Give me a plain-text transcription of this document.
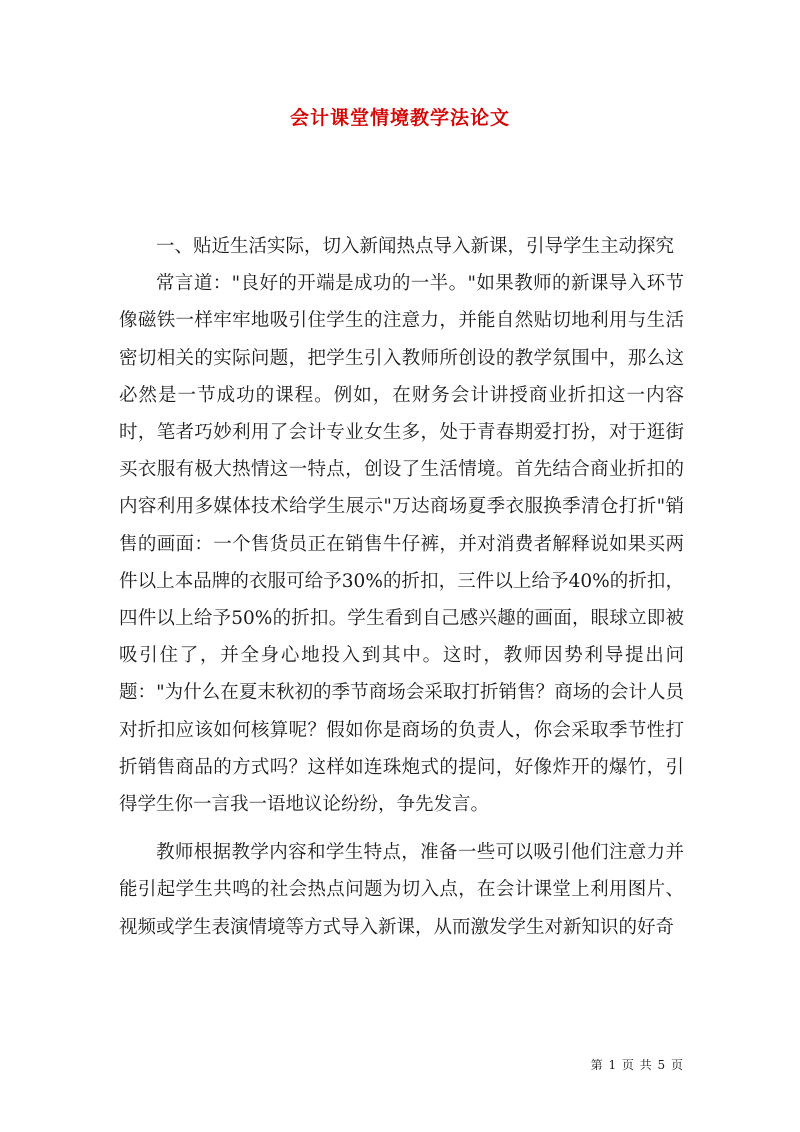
会计课堂情境教学法论文

一、贴近生活实际，切入新闻热点导入新课，引导学生主动探究

常言道："良好的开端是成功的一半。"如果教师的新课导入环节像磁铁一样牢牢地吸引住学生的注意力，并能自然贴切地利用与生活密切相关的实际问题，把学生引入教师所创设的教学氛围中，那么这必然是一节成功的课程。例如，在财务会计讲授商业折扣这一内容时，笔者巧妙利用了会计专业女生多，处于青春期爱打扮，对于逛街买衣服有极大热情这一特点，创设了生活情境。首先结合商业折扣的内容利用多媒体技术给学生展示"万达商场夏季衣服换季清仓打折"销售的画面：一个售货员正在销售牛仔裤，并对消费者解释说如果买两件以上本品牌的衣服可给予30%的折扣，三件以上给予40%的折扣，四件以上给予50%的折扣。学生看到自己感兴趣的画面，眼球立即被吸引住了，并全身心地投入到其中。这时，教师因势利导提出问题："为什么在夏末秋初的季节商场会采取打折销售？商场的会计人员对折扣应该如何核算呢？假如你是商场的负责人，你会采取季节性打折销售商品的方式吗？这样如连珠炮式的提问，好像炸开的爆竹，引得学生你一言我一语地议论纷纷，争先发言。

教师根据教学内容和学生特点，准备一些可以吸引他们注意力并能引起学生共鸣的社会热点问题为切入点，在会计课堂上利用图片、视频或学生表演情境等方式导入新课，从而激发学生对新知识的好奇

第 1 页 共 5 页
